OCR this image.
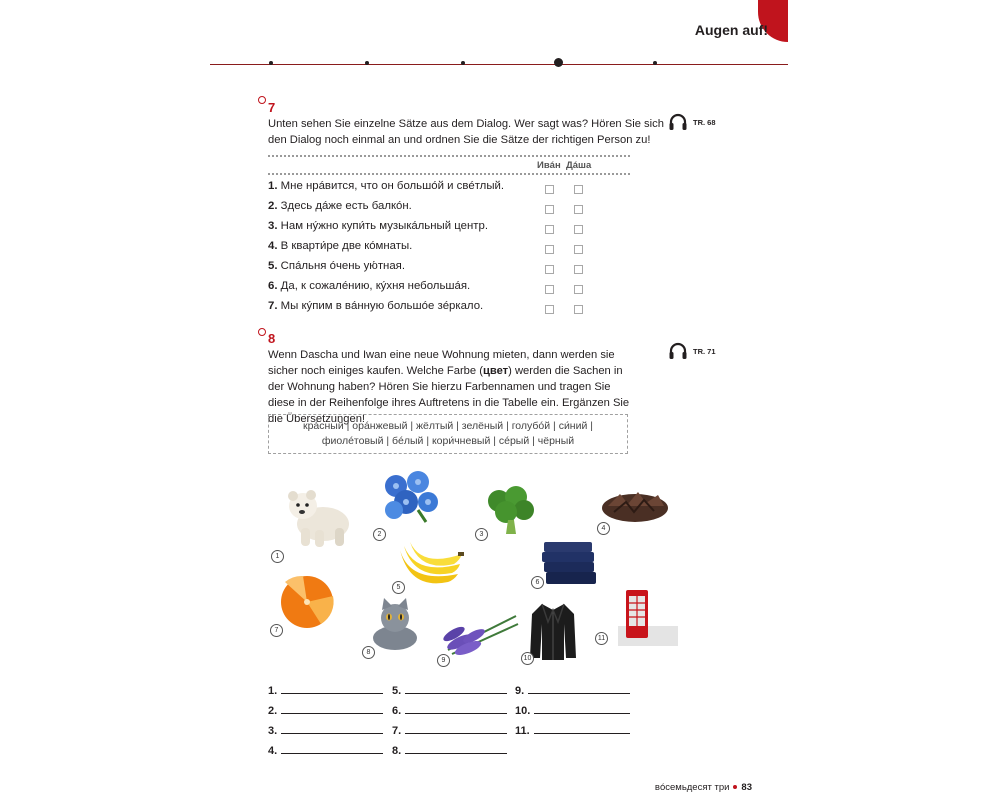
Augen auf!
7
Unten sehen Sie einzelne Sätze aus dem Dialog. Wer sagt was? Hören Sie sich den Dialog noch einmal an und ordnen Sie die Sätze der richtigen Person zu!
TR. 68
Ивáн Дáша
1. Мне нрáвится, что он большóй и свéтлый.
2. Здесь дáже есть балкóн.
3. Нам нýжно купи́ть музыкáльный центр.
4. В кварти́ре две кóмнаты.
5. Спáльня óчень ую́тная.
6. Да, к сожалéнию, кýхня небольшáя.
7. Мы кýпим в вáнную большóе зéркало.
8
Wenn Dascha und Iwan eine neue Wohnung mieten, dann werden sie sicher noch einiges kaufen. Welche Farbe (цвет) werden die Sachen in der Wohnung haben? Hören Sie hierzu Farbennamen und tragen Sie diese in der Reihenfolge ihres Auftretens in die Tabelle ein. Ergänzen Sie die Übersetzungen!
TR. 71
крáсный | орáнжевый | жёлтый | зелёный | голубóй | си́ний |
фиолéтовый | бéлый | кори́чневый | сéрый | чёрный
1
2	3
4
5
6
7
8
9	10
11
1.
2.
3.
4.
5.
6.
7.
8.
9.
10.
11.
вóсемьдесят три 83
